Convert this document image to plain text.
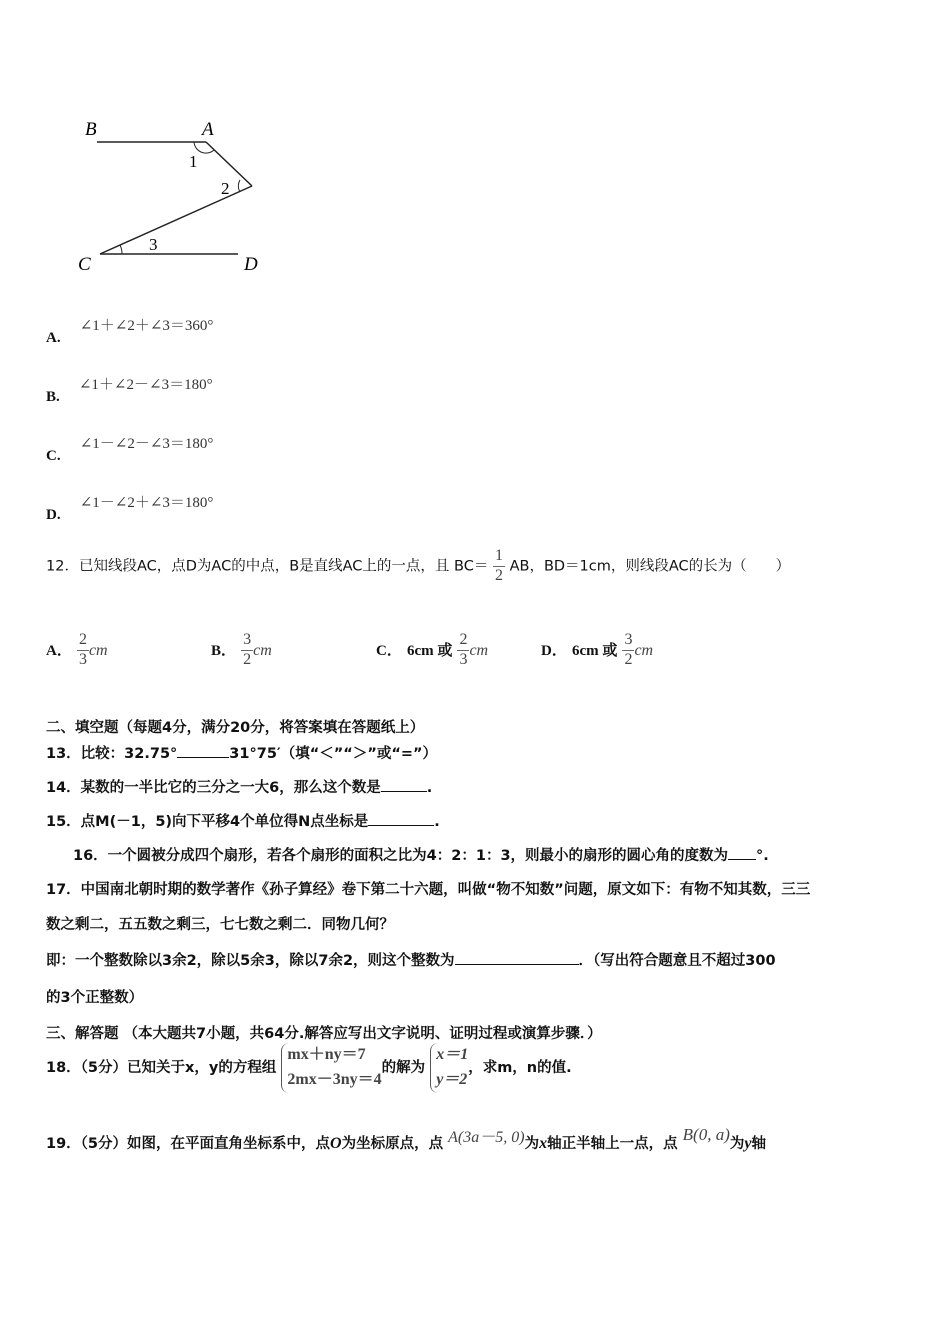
B	A
C	D
1
2
3
A. ∠1＋∠2＋∠3＝360°
B. ∠1＋∠2－∠3＝180°
C. ∠1－∠2－∠3＝180°
D. ∠1－∠2＋∠3＝180°
12．已知线段AC，点D为AC的中点，B是直线AC上的一点，且 $BC= \frac{1}{2}$ AB，BD＝1cm，则线段AC的长为（　　）
A． $\frac{2}{3}$ cm	B． $\frac{3}{2}$ cm	C． 6cm 或 $\frac{2}{3}$ cm	D． 6cm 或 $\frac{3}{2}$ cm
二、填空题（每题4分，满分20分，将答案填在答题纸上）
13．比较：32.75°	31°75′（填“＜”“＞”或“=”）
14．某数的一半比它的三分之一大6，那么这个数是	.
15．点M(－1，5)向下平移4个单位得N点坐标是	.
16．一个圆被分成四个扇形，若各个扇形的面积之比为4：2：1：3，则最小的扇形的圆心角的度数为 °.
17．中国南北朝时期的数学著作《孙子算经》卷下第二十六题，叫做“物不知数”问题，原文如下：有物不知其数，三三
数之剩二，五五数之剩三，七七数之剩二．同物几何？
即：一个整数除以3余2，除以5余3，除以7余2，则这个整数为	．（写出符合题意且不超过300
的3个正整数）
三、解答题 （本大题共7小题，共64分.解答应写出文字说明、证明过程或演算步骤．）
18．（5分）已知关于x，y的方程组
mx＋ny＝7
2mx－3ny＝4
的解为
x＝1
y＝2
，求m，n的值.
19．（5分）如图，在平面直角坐标系中，点O为坐标原点，点 A(3a－5, 0)为x轴正半轴上一点，点 B(0, a)为y轴
